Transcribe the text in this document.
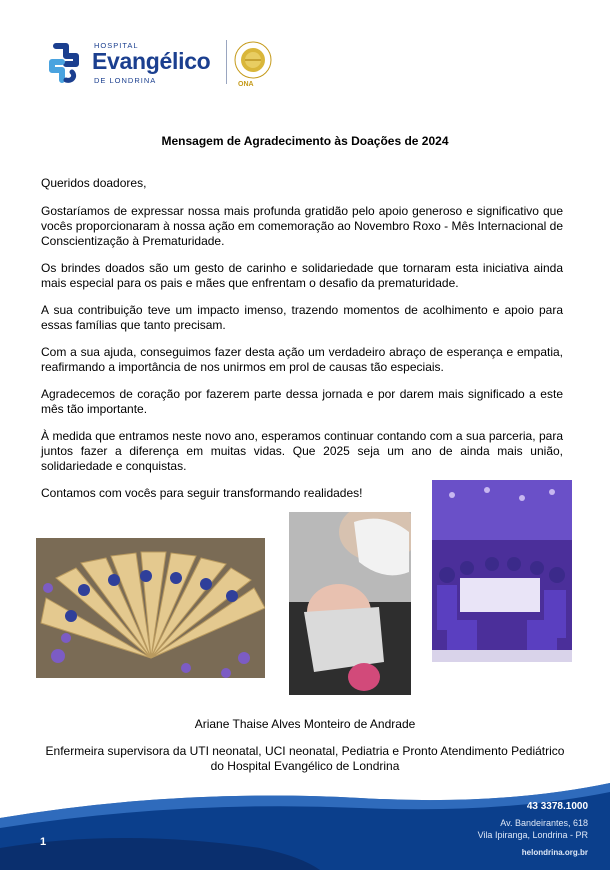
HOSPITAL
Evangélico
DE LONDRINA	ONA
Mensagem de Agradecimento às Doações de 2024

Queridos doadores,

Gostaríamos de expressar nossa mais profunda gratidão pelo apoio generoso e significativo que vocês proporcionaram à nossa ação em comemoração ao Novembro Roxo - Mês Internacional de Conscientização à Prematuridade.

Os brindes doados são um gesto de carinho e solidariedade que tornaram esta iniciativa ainda mais especial para os pais e mães que enfrentam o desafio da prematuridade.

A sua contribuição teve um impacto imenso, trazendo momentos de acolhimento e apoio para essas famílias que tanto precisam.

Com a sua ajuda, conseguimos fazer desta ação um verdadeiro abraço de esperança e empatia, reafirmando a importância de nos unirmos em prol de causas tão especiais.

Agradecemos de coração por fazerem parte dessa jornada e por darem mais significado a este mês tão importante.

À medida que entramos neste novo ano, esperamos continuar contando com a sua parceria, para juntos fazer a diferença em muitas vidas. Que 2025 seja um ano de ainda mais união, solidariedade e conquistas.

Contamos com vocês para seguir transformando realidades!

Ariane Thaise Alves Monteiro de Andrade
Enfermeira supervisora da UTI neonatal, UCI neonatal, Pediatria e Pronto Atendimento Pediátrico do Hospital Evangélico de Londrina
1
43 3378.1000
Av. Bandeirantes, 618
Vila Ipiranga, Londrina - PR
helondrina.org.br
